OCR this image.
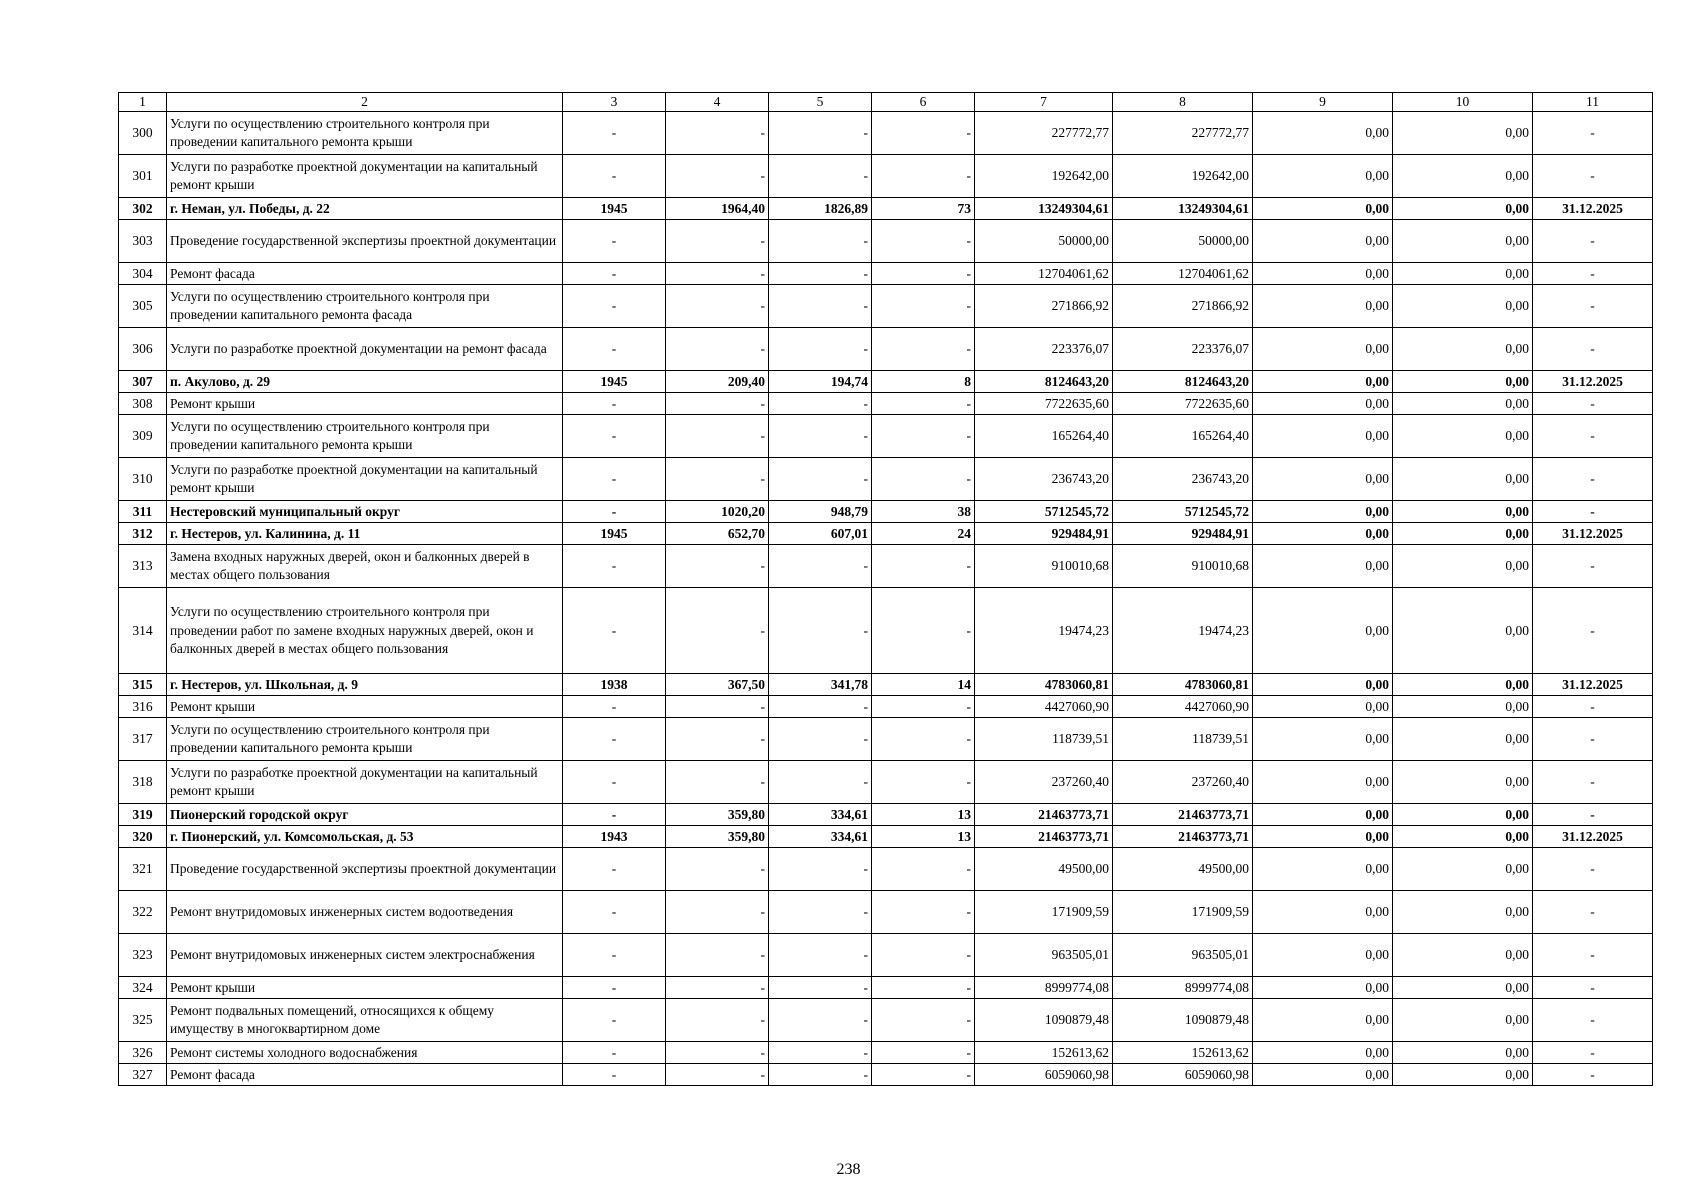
1	2	3	4	5	6	7	8	9	10	11
300	Услуги по осуществлению строительного контроля при проведении капитального ремонта крыши	-	-	-	-	227772,77	227772,77	0,00	0,00	-
301	Услуги по разработке проектной документации на капитальный ремонт крыши	-	-	-	-	192642,00	192642,00	0,00	0,00	-
302	г. Неман, ул. Победы, д. 22	1945	1964,40	1826,89	73	13249304,61	13249304,61	0,00	0,00	31.12.2025
303	Проведение государственной экспертизы проектной документации	-	-	-	-	50000,00	50000,00	0,00	0,00	-
304	Ремонт фасада	-	-	-	-	12704061,62	12704061,62	0,00	0,00	-
305	Услуги по осуществлению строительного контроля при проведении капитального ремонта фасада	-	-	-	-	271866,92	271866,92	0,00	0,00	-
306	Услуги по разработке проектной документации на ремонт фасада	-	-	-	-	223376,07	223376,07	0,00	0,00	-
307	п. Акулово, д. 29	1945	209,40	194,74	8	8124643,20	8124643,20	0,00	0,00	31.12.2025
308	Ремонт крыши	-	-	-	-	7722635,60	7722635,60	0,00	0,00	-
309	Услуги по осуществлению строительного контроля при проведении капитального ремонта крыши	-	-	-	-	165264,40	165264,40	0,00	0,00	-
310	Услуги по разработке проектной документации на капитальный ремонт крыши	-	-	-	-	236743,20	236743,20	0,00	0,00	-
311	Нестеровский муниципальный округ	-	1020,20	948,79	38	5712545,72	5712545,72	0,00	0,00	-
312	г. Нестеров, ул. Калинина, д. 11	1945	652,70	607,01	24	929484,91	929484,91	0,00	0,00	31.12.2025
313	Замена входных наружных дверей, окон и балконных дверей в местах общего пользования	-	-	-	-	910010,68	910010,68	0,00	0,00	-
314	Услуги по осуществлению строительного контроля при проведении работ по замене входных наружных дверей, окон и балконных дверей в местах общего пользования	-	-	-	-	19474,23	19474,23	0,00	0,00	-
315	г. Нестеров, ул. Школьная, д. 9	1938	367,50	341,78	14	4783060,81	4783060,81	0,00	0,00	31.12.2025
316	Ремонт крыши	-	-	-	-	4427060,90	4427060,90	0,00	0,00	-
317	Услуги по осуществлению строительного контроля при проведении капитального ремонта крыши	-	-	-	-	118739,51	118739,51	0,00	0,00	-
318	Услуги по разработке проектной документации на капитальный ремонт крыши	-	-	-	-	237260,40	237260,40	0,00	0,00	-
319	Пионерский городской округ	-	359,80	334,61	13	21463773,71	21463773,71	0,00	0,00	-
320	г. Пионерский, ул. Комсомольская, д. 53	1943	359,80	334,61	13	21463773,71	21463773,71	0,00	0,00	31.12.2025
321	Проведение государственной экспертизы проектной документации	-	-	-	-	49500,00	49500,00	0,00	0,00	-
322	Ремонт внутридомовых инженерных систем водоотведения	-	-	-	-	171909,59	171909,59	0,00	0,00	-
323	Ремонт внутридомовых инженерных систем электроснабжения	-	-	-	-	963505,01	963505,01	0,00	0,00	-
324	Ремонт крыши	-	-	-	-	8999774,08	8999774,08	0,00	0,00	-
325	Ремонт подвальных помещений, относящихся к общему имуществу в многоквартирном доме	-	-	-	-	1090879,48	1090879,48	0,00	0,00	-
326	Ремонт системы холодного водоснабжения	-	-	-	-	152613,62	152613,62	0,00	0,00	-
327	Ремонт фасада	-	-	-	-	6059060,98	6059060,98	0,00	0,00	-
238
